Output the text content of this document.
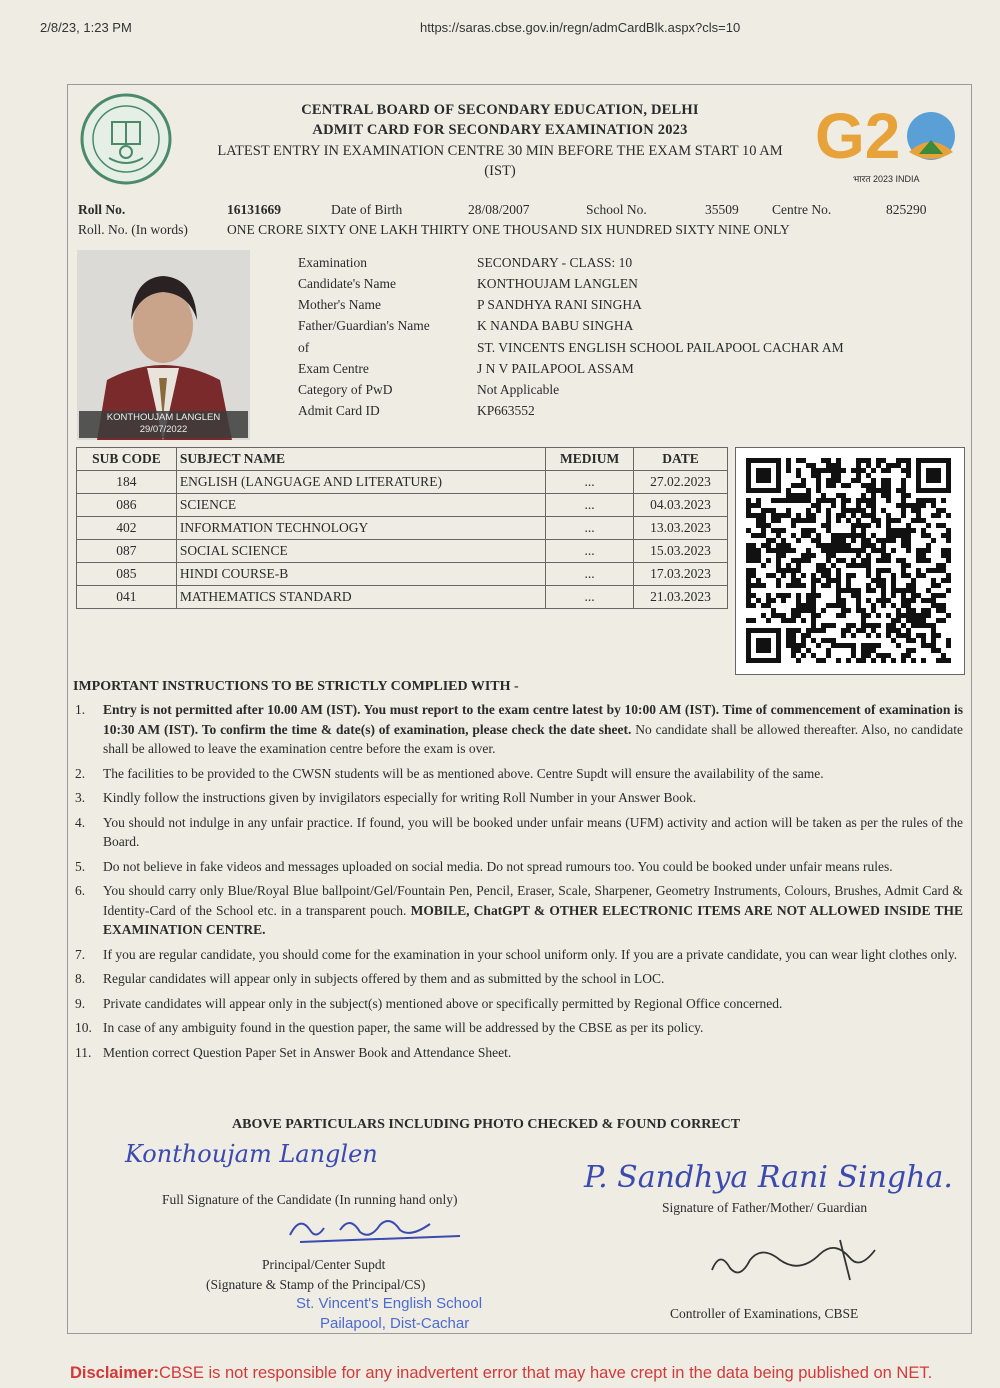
2/8/23, 1:23 PM	https://saras.cbse.gov.in/regn/admCardBlk.aspx?cls=10
G2
भारत 2023 INDIA
CENTRAL BOARD OF SECONDARY EDUCATION, DELHI
ADMIT CARD FOR SECONDARY EXAMINATION 2023
LATEST ENTRY IN EXAMINATION CENTRE 30 MIN BEFORE THE EXAM START 10 AM
(IST)
Roll No.	16131669	Date of Birth	28/08/2007	School No.	35509 Centre No.	825290
Roll. No. (In words)	ONE CRORE SIXTY ONE LAKH THIRTY ONE THOUSAND SIX HUNDRED SIXTY NINE ONLY
KONTHOUJAM LANGLEN
29/07/2022
Examination	SECONDARY - CLASS: 10
Candidate's Name	KONTHOUJAM LANGLEN
Mother's Name	P SANDHYA RANI SINGHA
Father/Guardian's Name	K NANDA BABU SINGHA
of	ST. VINCENTS ENGLISH SCHOOL PAILAPOOL CACHAR AM
Exam Centre	J N V PAILAPOOL ASSAM
Category of PwD	Not Applicable
Admit Card ID	KP663552
SUB CODE	SUBJECT NAME	MEDIUM	DATE
184	ENGLISH (LANGUAGE AND LITERATURE)	...	27.02.2023
086	SCIENCE	...	04.03.2023
402	INFORMATION TECHNOLOGY	...	13.03.2023
087	SOCIAL SCIENCE	...	15.03.2023
085	HINDI COURSE-B	...	17.03.2023
041	MATHEMATICS STANDARD	...	21.03.2023
IMPORTANT INSTRUCTIONS TO BE STRICTLY COMPLIED WITH -
1. Entry is not permitted after 10.00 AM (IST). You must report to the exam centre latest by 10:00 AM (IST). Time of commencement of examination is 10:30 AM (IST). To confirm the time & date(s) of examination, please check the date sheet. No candidate shall be allowed thereafter. Also, no candidate shall be allowed to leave the examination centre before the exam is over.
2. The facilities to be provided to the CWSN students will be as mentioned above. Centre Supdt will ensure the availability of the same.
3. Kindly follow the instructions given by invigilators especially for writing Roll Number in your Answer Book.
4. You should not indulge in any unfair practice. If found, you will be booked under unfair means (UFM) activity and action will be taken as per the rules of the Board.
5. Do not believe in fake videos and messages uploaded on social media. Do not spread rumours too. You could be booked under unfair means rules.
6. You should carry only Blue/Royal Blue ballpoint/Gel/Fountain Pen, Pencil, Eraser, Scale, Sharpener, Geometry Instruments, Colours, Brushes, Admit Card & Identity-Card of the School etc. in a transparent pouch. MOBILE, ChatGPT & OTHER ELECTRONIC ITEMS ARE NOT ALLOWED INSIDE THE EXAMINATION CENTRE.
7. If you are regular candidate, you should come for the examination in your school uniform only. If you are a private candidate, you can wear light clothes only.
8. Regular candidates will appear only in subjects offered by them and as submitted by the school in LOC.
9. Private candidates will appear only in the subject(s) mentioned above or specifically permitted by Regional Office concerned.
10. In case of any ambiguity found in the question paper, the same will be addressed by the CBSE as per its policy.
11. Mention correct Question Paper Set in Answer Book and Attendance Sheet.
ABOVE PARTICULARS INCLUDING PHOTO CHECKED & FOUND CORRECT
Konthoujam Langlen
Full Signature of the Candidate (In running hand only)
P. Sandhya Rani Singha.
Signature of Father/Mother/ Guardian
Principal/Center Supdt
(Signature & Stamp of the Principal/CS)
St. Vincent's English School
Pailapool, Dist-Cachar
Controller of Examinations, CBSE
Disclaimer:CBSE is not responsible for any inadvertent error that may have crept in the data being published on NET.
